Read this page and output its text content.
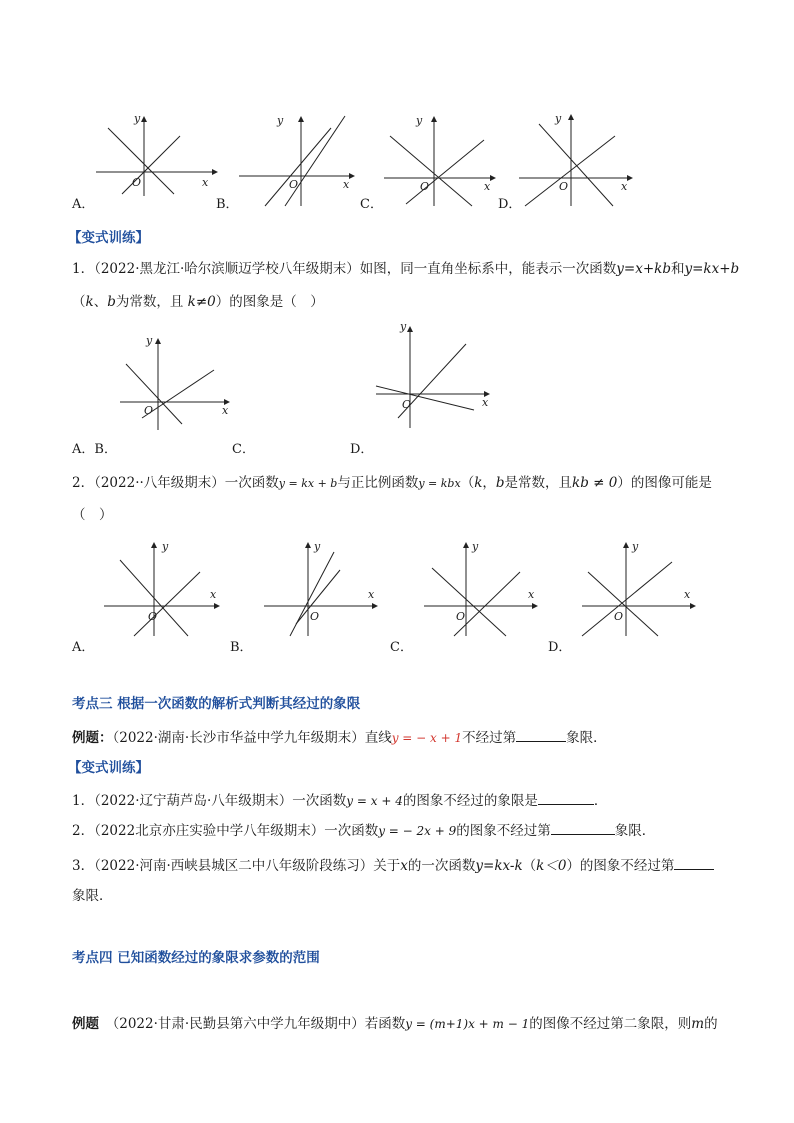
y
x
O
y
x
O
y
x
O
y
x
O
A．	B．	C．	D．
【变式训练】
1．（2022·黑龙江·哈尔滨顺迈学校八年级期末）如图，同一直角坐标系中，能表示一次函数y=x+kb和y=kx+b
（k、b为常数，且 k≠0）的图象是（　）
y
x
O
y
x
O
A．B．	C．	D．
2．（2022··八年级期末）一次函数y = kx + b与正比例函数y = kbx（k，b是常数，且kb ≠ 0）的图像可能是
（　）
y
x
O
y
x
O
y
x
O
y
x
O
A．	B．	C．	D．
考点三 根据一次函数的解析式判断其经过的象限
例题：（2022·湖南·长沙市华益中学九年级期末）直线y = − x + 1不经过第	象限．
【变式训练】
1．（2022·辽宁葫芦岛·八年级期末）一次函数y = x + 4的图象不经过的象限是	．
2．（2022北京亦庄实验中学八年级期末）一次函数y = − 2x + 9的图象不经过第	象限．
3．（2022·河南·西峡县城区二中八年级阶段练习）关于x的一次函数y=kx-k（k＜0）的图象不经过第
象限．
考点四 已知函数经过的象限求参数的范围
例题　 （2022·甘肃·民勤县第六中学九年级期中）若函数y = (m+1)x + m − 1的图像不经过第二象限，则m的
